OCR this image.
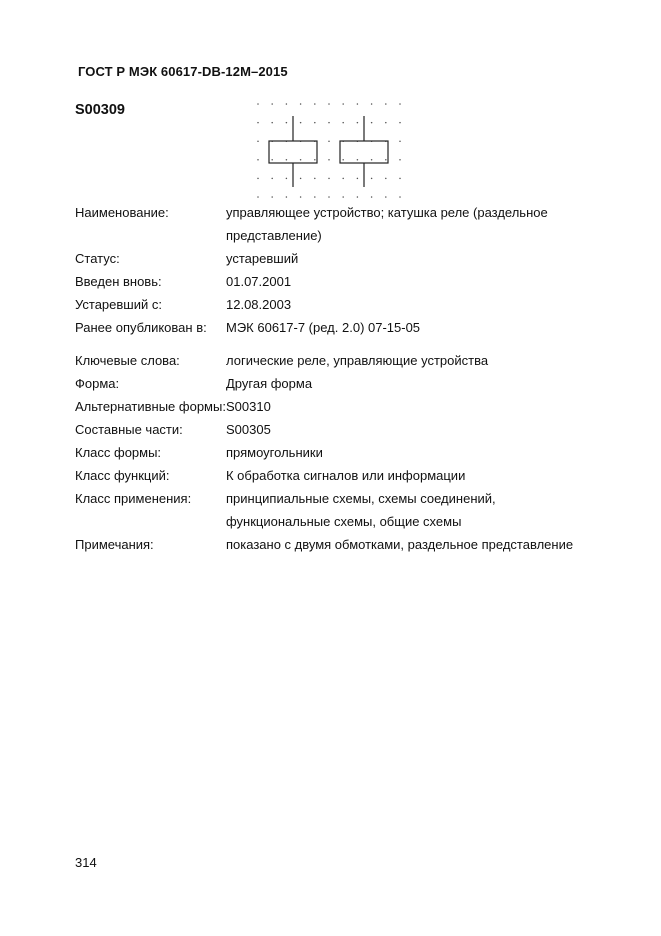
ГОСТ Р МЭК 60617-DB-12M–2015
S00309
Наименование:	управляющее устройство; катушка реле (раздельное представление)
Статус:	устаревший
Введен вновь:	01.07.2001
Устаревший с:	12.08.2003
Ранее опубликован в:	МЭК 60617-7 (ред. 2.0) 07-15-05
Ключевые слова:	логические реле, управляющие устройства
Форма:	Другая форма
Альтернативные формы: S00310
Составные части:	S00305
Класс формы:	прямоугольники
Класс функций:	К обработка сигналов или информации
Класс применения:	принципиальные схемы, схемы соединений, функциональные схемы, общие схемы
Примечания:	показано с двумя обмотками, раздельное представление
314
